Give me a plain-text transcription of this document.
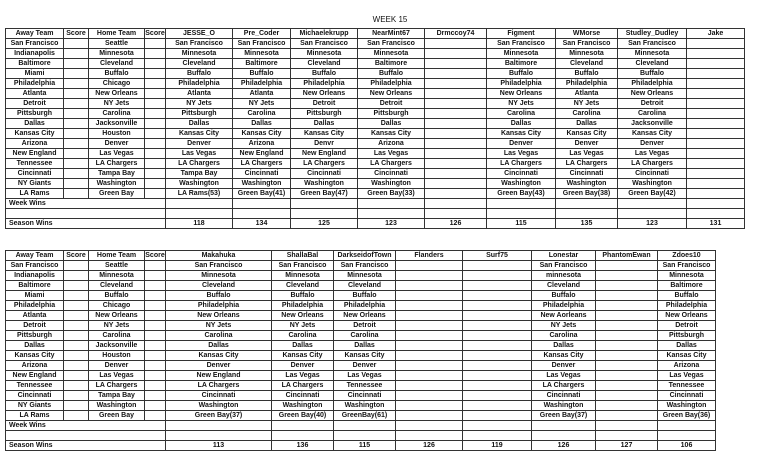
WEEK 15
Away Team	Score	Home Team	Score	JESSE_O	Pre_Coder	Michaelekrupp	NearMint67	Drmccoy74	Figment	WMorse	Studley_Dudley	Jake
San Francisco		Seattle		San Francisco	San Francisco	San Francisco	San Francisco		San Francisco	San Francisco	San Francisco	
Indianapolis		Minnesota		Minnesota	Minnesota	Minnesota	Minnesota		Minnesota	Minnesota	Minnesota	
Baltimore		Cleveland		Cleveland	Baltimore	Cleveland	Baltimore		Baltimore	Cleveland	Cleveland	
Miami		Buffalo		Buffalo	Buffalo	Buffalo	Buffalo		Buffalo	Buffalo	Buffalo	
Philadelphia		Chicago		Philadelphia	Philadelphia	Philadelphia	Philadelphia		Philadelphia	Philadelphia	Philadelphia	
Atlanta		New Orleans		Atlanta	Atlanta	New Orleans	New Orleans		New Orleans	Atlanta	New Orleans	
Detroit		NY Jets		NY Jets	NY Jets	Detroit	Detroit		NY Jets	NY Jets	Detroit	
Pittsburgh		Carolina		Pittsburgh	Carolina	Pittsburgh	Pittsburgh		Carolina	Carolina	Carolina	
Dallas		Jacksonville		Dallas	Dallas	Dallas	Dallas		Dallas	Dallas	Jacksonville	
Kansas City		Houston		Kansas City	Kansas City	Kansas City	Kansas City		Kansas City	Kansas City	Kansas City	
Arizona		Denver		Denver	Arizona	Denvr	Arizona		Denver	Denver	Denver	
New England		Las Vegas		Las Vegas	New England	New England	Las Vegas		Las Vegas	Las Vegas	Las Vegas	
Tennessee		LA Chargers		LA Chargers	LA Chargers	LA Chargers	LA Chargers		LA Chargers	LA Chargers	LA Chargers	
Cincinnati		Tampa Bay		Tampa Bay	Cincinnati	Cincinnati	Cincinnati		Cincinnati	Cincinnati	Cincinnati	
NY Giants		Washington		Washington	Washington	Washington	Washington		Washington	Washington	Washington	
LA Rams		Green Bay		LA Rams(53)	Green Bay(41)	Green Bay(47)	Green Bay(33)		Green Bay(43)	Green Bay(38)	Green Bay(42)	
Week Wins												

Season Wins				118	134	125	123	126	115	135	123	131
Away Team	Score	Home Team	Score	Makahuka	ShallaBal	DarkseidofTown	Flanders	Surf75	Lonestar	PhantomEwan	Zdoes10
San Francisco		Seattle		San Francisco	San Francisco	San Francisco			San Francisco		San Francisco
Indianapolis		Minnesota		Minnesota	Minnesota	Minnesota			minnesota		Minnesota
Baltimore		Cleveland		Cleveland	Cleveland	Cleveland			Cleveland		Baltimore
Miami		Buffalo		Buffalo	Buffalo	Buffalo			Buffalo		Buffalo
Philadelphia		Chicago		Philadelphia	Philadelphia	Philadelphia			Philadelphia		Philadelphia
Atlanta		New Orleans		New Orleans	New Orleans	New Orleans			New Aorleans		New Orleans
Detroit		NY Jets		NY Jets	NY Jets	Detroit			NY Jets		Detroit
Pittsburgh		Carolina		Carolina	Carolina	Carolina			Carolina		Pittsburgh
Dallas		Jacksonville		Dallas	Dallas	Dallas			Dallas		Dallas
Kansas City		Houston		Kansas City	Kansas City	Kansas City			Kansas City		Kansas City
Arizona		Denver		Denver	Denver	Denver			Denver		Arizona
New England		Las Vegas		New England	Las Vegas	Las Vegas			Las Vegas		Las Vegas
Tennessee		LA Chargers		LA Chargers	LA Chargers	Tennessee			LA Chargers		Tennessee
Cincinnati		Tampa Bay		Cincinnati	Cincinnati	Cincinnati			Cincinnati		Cincinnati
NY Giants		Washington		Washington	Washington	Washington			Washington		Washington
LA Rams		Green Bay		Green Bay(37)	Green Bay(40)	GreenBay(61)			Green Bay(37)		Green Bay(36)
Week Wins											

Season Wins				113	136	115	126	119	126	127	106
